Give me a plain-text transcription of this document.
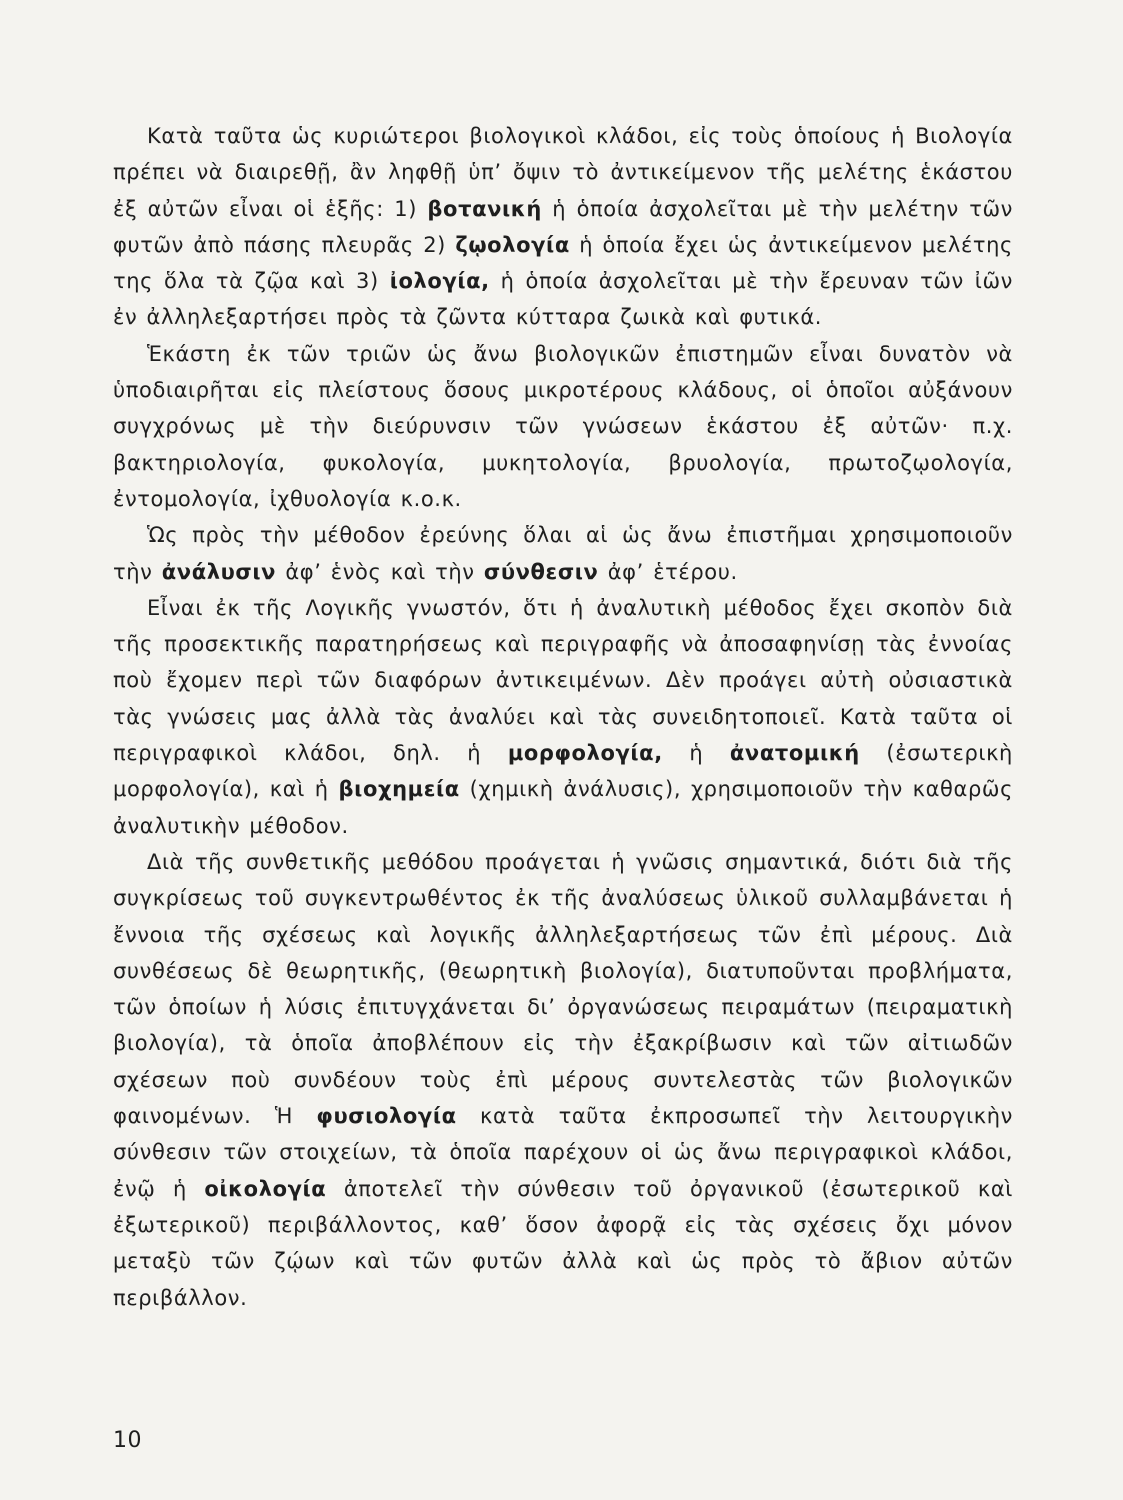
Κατὰ ταῦτα ὡς κυριώτεροι βιολογικοὶ κλάδοι, εἰς τοὺς ὁποίους ἡ Βιολογία πρέπει νὰ διαιρεθῇ, ἂν ληφθῇ ὑπ’ ὄψιν τὸ ἀντικείμενον τῆς μελέτης ἑκάστου ἐξ αὐτῶν εἶναι οἱ ἑξῆς: 1) βοτανική ἡ ὁποία ἀσχολεῖται μὲ τὴν μελέτην τῶν φυτῶν ἀπὸ πάσης πλευρᾶς 2) ζῳολογία ἡ ὁποία ἔχει ὡς ἀντικείμενον μελέτης της ὅλα τὰ ζῷα καὶ 3) ἰολογία, ἡ ὁποία ἀσχολεῖται μὲ τὴν ἔρευναν τῶν ἰῶν ἐν ἀλληλεξαρτήσει πρὸς τὰ ζῶντα κύτταρα ζωικὰ καὶ φυτικά.

Ἑκάστη ἐκ τῶν τριῶν ὡς ἄνω βιολογικῶν ἐπιστημῶν εἶναι δυνατὸν νὰ ὑποδιαιρῆται εἰς πλείστους ὅσους μικροτέρους κλάδους, οἱ ὁποῖοι αὐξάνουν συγχρόνως μὲ τὴν διεύρυνσιν τῶν γνώσεων ἑκάστου ἐξ αὐτῶν· π.χ. βακτηριολογία, φυκολογία, μυκητολογία, βρυολογία, πρωτοζῳολογία, ἐντομολογία, ἰχθυολογία κ.ο.κ.

Ὡς πρὸς τὴν μέθοδον ἐρεύνης ὅλαι αἱ ὡς ἄνω ἐπιστῆμαι χρησιμοποιοῦν τὴν ἀνάλυσιν ἀφ’ ἑνὸς καὶ τὴν σύνθεσιν ἀφ’ ἑτέρου.

Εἶναι ἐκ τῆς Λογικῆς γνωστόν, ὅτι ἡ ἀναλυτικὴ μέθοδος ἔχει σκοπὸν διὰ τῆς προσεκτικῆς παρατηρήσεως καὶ περιγραφῆς νὰ ἀποσαφηνίσῃ τὰς ἐννοίας ποὺ ἔχομεν περὶ τῶν διαφόρων ἀντικειμένων. Δὲν προάγει αὐτὴ οὐσιαστικὰ τὰς γνώσεις μας ἀλλὰ τὰς ἀναλύει καὶ τὰς συνειδητοποιεῖ. Κατὰ ταῦτα οἱ περιγραφικοὶ κλάδοι, δηλ. ἡ μορφολογία, ἡ ἀνατομική (ἐσωτερικὴ μορφολογία), καὶ ἡ βιοχημεία (χημικὴ ἀνάλυσις), χρησιμοποιοῦν τὴν καθαρῶς ἀναλυτικὴν μέθοδον.

Διὰ τῆς συνθετικῆς μεθόδου προάγεται ἡ γνῶσις σημαντικά, διότι διὰ τῆς συγκρίσεως τοῦ συγκεντρωθέντος ἐκ τῆς ἀναλύσεως ὑλικοῦ συλλαμβάνεται ἡ ἔννοια τῆς σχέσεως καὶ λογικῆς ἀλληλεξαρτήσεως τῶν ἐπὶ μέρους. Διὰ συνθέσεως δὲ θεωρητικῆς, (θεωρητικὴ βιολογία), διατυποῦνται προβλήματα, τῶν ὁποίων ἡ λύσις ἐπιτυγχάνεται δι’ ὀργανώσεως πειραμάτων (πειραματικὴ βιολογία), τὰ ὁποῖα ἀποβλέπουν εἰς τὴν ἐξακρίβωσιν καὶ τῶν αἰτιωδῶν σχέσεων ποὺ συνδέουν τοὺς ἐπὶ μέρους συντελεστὰς τῶν βιολογικῶν φαινομένων. Ἡ φυσιολογία κατὰ ταῦτα ἐκπροσωπεῖ τὴν λειτουργικὴν σύνθεσιν τῶν στοιχείων, τὰ ὁποῖα παρέχουν οἱ ὡς ἄνω περιγραφικοὶ κλάδοι, ἐνῷ ἡ οἰκολογία ἀποτελεῖ τὴν σύνθεσιν τοῦ ὀργανικοῦ (ἐσωτερικοῦ καὶ ἐξωτερικοῦ) περιβάλλοντος, καθ’ ὅσον ἀφορᾷ εἰς τὰς σχέσεις ὄχι μόνον μεταξὺ τῶν ζῴων καὶ τῶν φυτῶν ἀλλὰ καὶ ὡς πρὸς τὸ ἄβιον αὐτῶν περιβάλλον.

10
